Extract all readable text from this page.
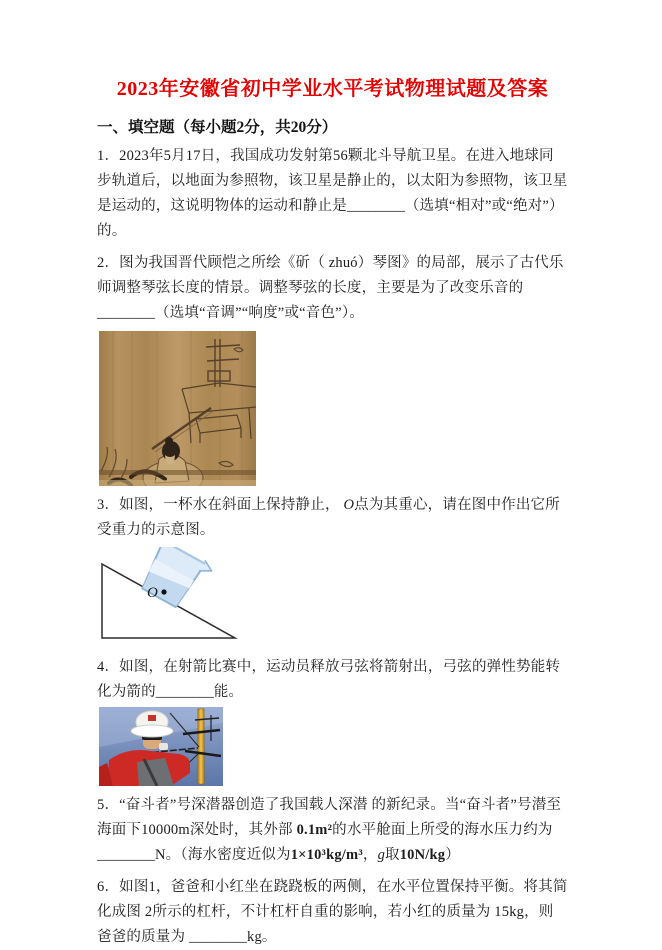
2023年安徽省初中学业水平考试物理试题及答案
一、填空题（每小题2分，共20分）

1．2023年5月17日，我国成功发射第56颗北斗导航卫星。在进入地球同步轨道后，以地面为参照物，该卫星是静止的，以太阳为参照物，该卫星是运动的，这说明物体的运动和静止是________（选填“相对”或“绝对”）的。

2．图为我国晋代顾恺之所绘《斫（ zhuó）琴图》的局部，展示了古代乐师调整琴弦长度的情景。调整琴弦的长度，主要是为了改变乐音的 ________（选填“音调”“响度”或“音色”）。

3．如图，一杯水在斜面上保持静止， O点为其重心，请在图中作出它所受重力的示意图。

O

4．如图，在射箭比赛中，运动员释放弓弦将箭射出，弓弦的弹性势能转化为箭的________能。

5．“奋斗者”号深潜器创造了我国载人深潜 的新纪录。当“奋斗者”号潜至海面下10000m深处时，其外部 0.1m²的水平舱面上所受的海水压力约为 ________N。（海水密度近似为1×10³kg/m³，g取10N/kg）

6．如图1，爸爸和小红坐在跷跷板的两侧，在水平位置保持平衡。将其简化成图 2所示的杠杆，不计杠杆自重的影响，若小红的质量为 15kg，则爸爸的质量为 ________kg。
